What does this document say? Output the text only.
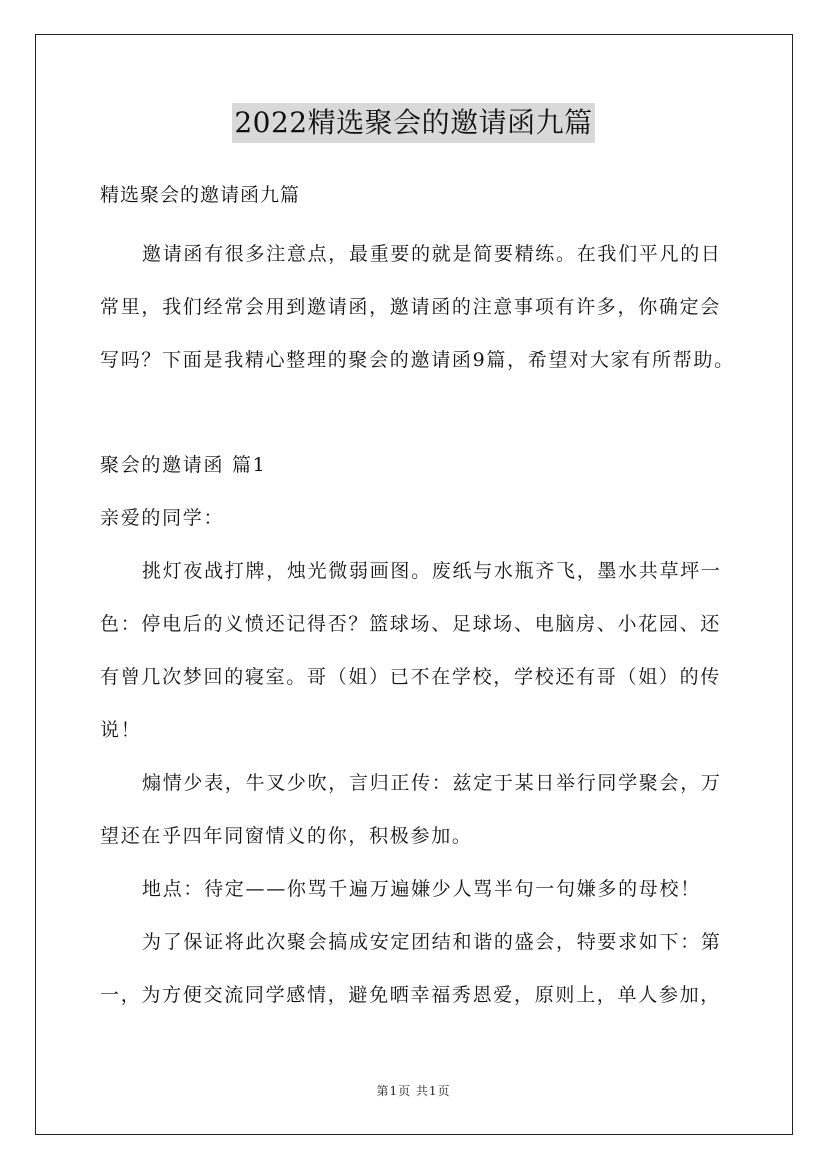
2022精选聚会的邀请函九篇
精选聚会的邀请函九篇
邀请函有很多注意点，最重要的就是简要精练。在我们平凡的日
常里，我们经常会用到邀请函，邀请函的注意事项有许多，你确定会
写吗？下面是我精心整理的聚会的邀请函9篇，希望对大家有所帮助。
聚会的邀请函 篇1
亲爱的同学：
挑灯夜战打牌，烛光微弱画图。废纸与水瓶齐飞，墨水共草坪一
色：停电后的义愤还记得否？篮球场、足球场、电脑房、小花园、还
有曾几次梦回的寝室。哥（姐）已不在学校，学校还有哥（姐）的传
说！
煽情少表，牛叉少吹，言归正传：兹定于某日举行同学聚会，万
望还在乎四年同窗情义的你，积极参加。
地点：待定——你骂千遍万遍嫌少人骂半句一句嫌多的母校！
为了保证将此次聚会搞成安定团结和谐的盛会，特要求如下：第
一，为方便交流同学感情，避免晒幸福秀恩爱，原则上，单人参加，
第1页 共1页
